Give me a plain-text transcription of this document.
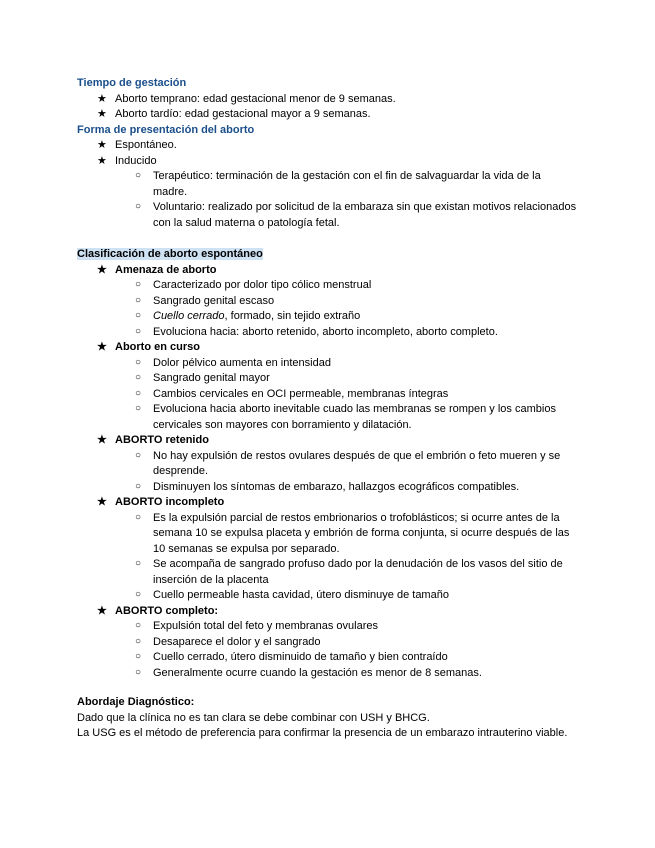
Tiempo de gestación
★ Aborto temprano: edad gestacional menor de 9 semanas.
★ Aborto tardío: edad gestacional mayor a 9 semanas.
Forma de presentación del aborto
★ Espontáneo.
★ Inducido
○ Terapéutico: terminación de la gestación con el fin de salvaguardar la vida de la madre.
○ Voluntario: realizado por solicitud de la embaraza sin que existan motivos relacionados con la salud materna o patología fetal.
Clasificación de aborto espontáneo
★ Amenaza de aborto
○ Caracterizado por dolor tipo cólico menstrual
○ Sangrado genital escaso
○ Cuello cerrado, formado, sin tejido extraño
○ Evoluciona hacia: aborto retenido, aborto incompleto, aborto completo.
★ Aborto en curso
○ Dolor pélvico aumenta en intensidad
○ Sangrado genital mayor
○ Cambios cervicales en OCI permeable, membranas íntegras
○ Evoluciona hacia aborto inevitable cuado las membranas se rompen y los cambios cervicales son mayores con borramiento y dilatación.
★ ABORTO retenido
○ No hay expulsión de restos ovulares después de que el embrión o feto mueren y se desprende.
○ Disminuyen los síntomas de embarazo, hallazgos ecográficos compatibles.
★ ABORTO incompleto
○ Es la expulsión parcial de restos embrionarios o trofoblásticos; si ocurre antes de la semana 10 se expulsa placeta y embrión de forma conjunta, si ocurre después de las 10 semanas se expulsa por separado.
○ Se acompaña de sangrado profuso dado por la denudación de los vasos del sitio de inserción de la placenta
○ Cuello permeable hasta cavidad, útero disminuye de tamaño
★ ABORTO completo:
○ Expulsión total del feto y membranas ovulares
○ Desaparece el dolor y el sangrado
○ Cuello cerrado, útero disminuido de tamaño y bien contraído
○ Generalmente ocurre cuando la gestación es menor de 8 semanas.
Abordaje Diagnóstico:

Dado que la clínica no es tan clara se debe combinar con USH y BHCG.

La USG es el método de preferencia para confirmar la presencia de un embarazo intrauterino viable.
